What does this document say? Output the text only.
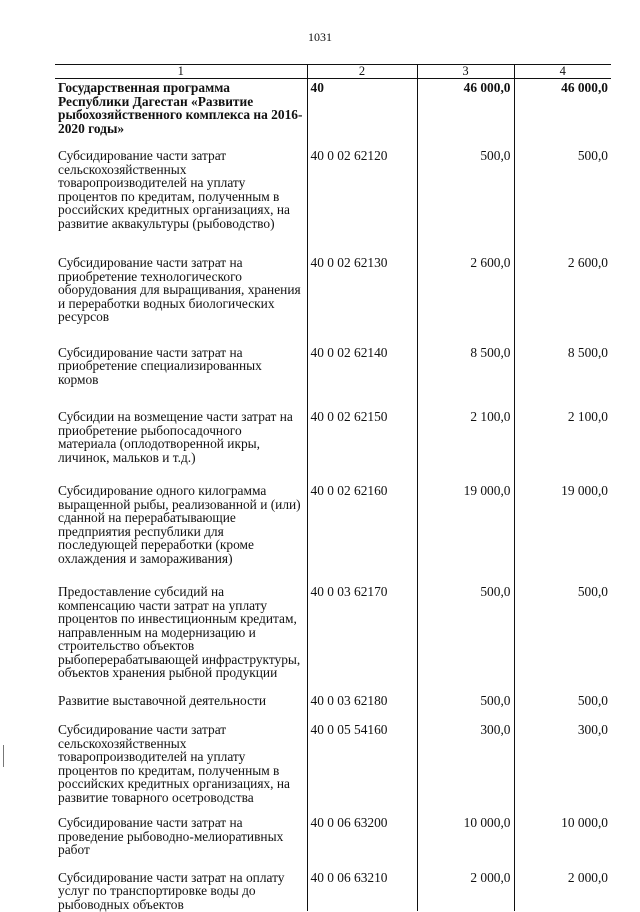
1031
1	2	3	4
Государственная программа Республики Дагестан «Развитие рыбохозяйственного комплекса на 2016-2020 годы»	40	46 000,0	46 000,0
Субсидирование части затрат сельскохозяйственных товаропроизводителей на уплату процентов по кредитам, полученным в российских кредитных организациях, на развитие аквакультуры (рыбоводство)	40 0 02 62120	500,0	500,0
Субсидирование части затрат на приобретение технологического оборудования для выращивания, хранения и переработки водных биологических ресурсов	40 0 02 62130	2 600,0	2 600,0
Субсидирование части затрат на приобретение специализированных кормов	40 0 02 62140	8 500,0	8 500,0
Субсидии на возмещение части затрат на приобретение рыбопосадочного материала (оплодотворенной икры, личинок, мальков и т.д.)	40 0 02 62150	2 100,0	2 100,0
Субсидирование одного килограмма выращенной рыбы, реализованной и (или) сданной на перерабатывающие предприятия республики для последующей переработки (кроме охлаждения и замораживания)	40 0 02 62160	19 000,0	19 000,0
Предоставление субсидий на компенсацию части затрат на уплату процентов по инвестиционным кредитам, направленным на модернизацию и строительство объектов рыбоперерабатывающей инфраструктуры, объектов хранения рыбной продукции	40 0 03 62170	500,0	500,0
Развитие выставочной деятельности	40 0 03 62180	500,0	500,0
Субсидирование части затрат сельскохозяйственных товаропроизводителей на уплату процентов по кредитам, полученным в российских кредитных организациях, на развитие товарного осетроводства	40 0 05 54160	300,0	300,0
Субсидирование части затрат на проведение рыбоводно-мелиоративных работ	40 0 06 63200	10 000,0	10 000,0
Субсидирование части затрат на оплату услуг по транспортировке воды до рыбоводных объектов	40 0 06 63210	2 000,0	2 000,0
